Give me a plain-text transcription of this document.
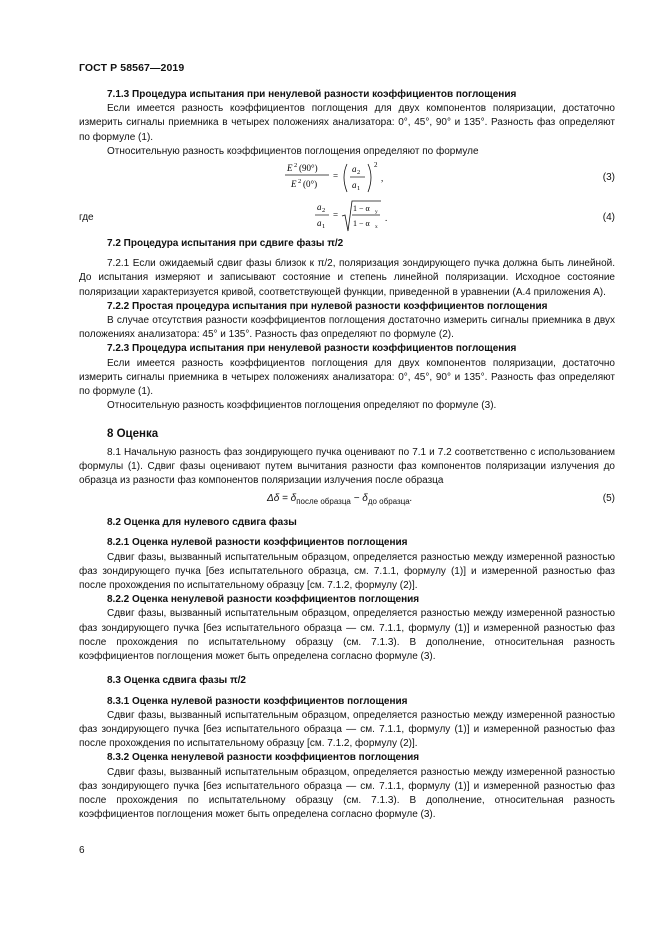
ГОСТ Р 58567—2019

7.1.3 Процедура испытания при ненулевой разности коэффициентов поглощения

Если имеется разность коэффициентов поглощения для двух компонентов поляризации, достаточно измерить сигналы приемника в четырех положениях анализатора: 0°, 45°, 90° и 135°. Разность фаз определяют по формуле (1).

Относительную разность коэффициентов поглощения определяют по формуле

E 2 (90°)
E 2 (0°)
=
a 2
a 1
2
,	(3)
где
a 2
a 1
=
1 − α y
1 − α x
.	(4)

7.2 Процедура испытания при сдвиге фазы π/2

7.2.1 Если ожидаемый сдвиг фазы близок к π/2, поляризация зондирующего пучка должна быть линейной. До испытания измеряют и записывают состояние и степень линейной поляризации. Исходное состояние поляризации характеризуется кривой, соответствующей функции, приведенной в уравнении (А.4 приложения А).

7.2.2 Простая процедура испытания при нулевой разности коэффициентов поглощения

В случае отсутствия разности коэффициентов поглощения достаточно измерить сигналы приемника в двух положениях анализатора: 45° и 135°. Разность фаз определяют по формуле (2).

7.2.3 Процедура испытания при ненулевой разности коэффициентов поглощения

Если имеется разность коэффициентов поглощения для двух компонентов поляризации, достаточно измерить сигналы приемника в четырех положениях анализатора: 0°, 45°, 90° и 135°. Разность фаз определяют по формуле (1).

Относительную разность коэффициентов поглощения определяют по формуле (3).

8 Оценка

8.1 Начальную разность фаз зондирующего пучка оценивают по 7.1 и 7.2 соответственно с использованием формулы (1). Сдвиг фазы оценивают путем вычитания разности фаз компонентов поляризации излучения до образца из разности фаз компонентов поляризации излучения после образца

$\Delta\delta = \delta_{после образца} - \delta_{до образца}$.	(5)

8.2 Оценка для нулевого сдвига фазы

8.2.1 Оценка нулевой разности коэффициентов поглощения

Сдвиг фазы, вызванный испытательным образцом, определяется разностью между измеренной разностью фаз зондирующего пучка [без испытательного образца, см. 7.1.1, формулу (1)] и измеренной разностью фаз после прохождения по испытательному образцу [см. 7.1.2, формулу (2)].

8.2.2 Оценка ненулевой разности коэффициентов поглощения

Сдвиг фазы, вызванный испытательным образцом, определяется разностью между измеренной разностью фаз зондирующего пучка [без испытательного образца — см. 7.1.1, формулу (1)] и измеренной разностью фаз после прохождения по испытательному образцу (см. 7.1.3). В дополнение, относительная разность коэффициентов поглощения может быть определена согласно формуле (3).

8.3 Оценка сдвига фазы π/2

8.3.1 Оценка нулевой разности коэффициентов поглощения

Сдвиг фазы, вызванный испытательным образцом, определяется разностью между измеренной разностью фаз зондирующего пучка [без испытательного образца — см. 7.1.1, формулу (1)] и измеренной разностью фаз после прохождения по испытательному образцу [см. 7.1.2, формулу (2)].

8.3.2 Оценка ненулевой разности коэффициентов поглощения

Сдвиг фазы, вызванный испытательным образцом, определяется разностью между измеренной разностью фаз зондирующего пучка [без испытательного образца — см. 7.1.1, формулу (1)] и измеренной разностью фаз после прохождения по испытательному образцу (см. 7.1.3). В дополнение, относительная разность коэффициентов поглощения может быть определена согласно формуле (3).

6
